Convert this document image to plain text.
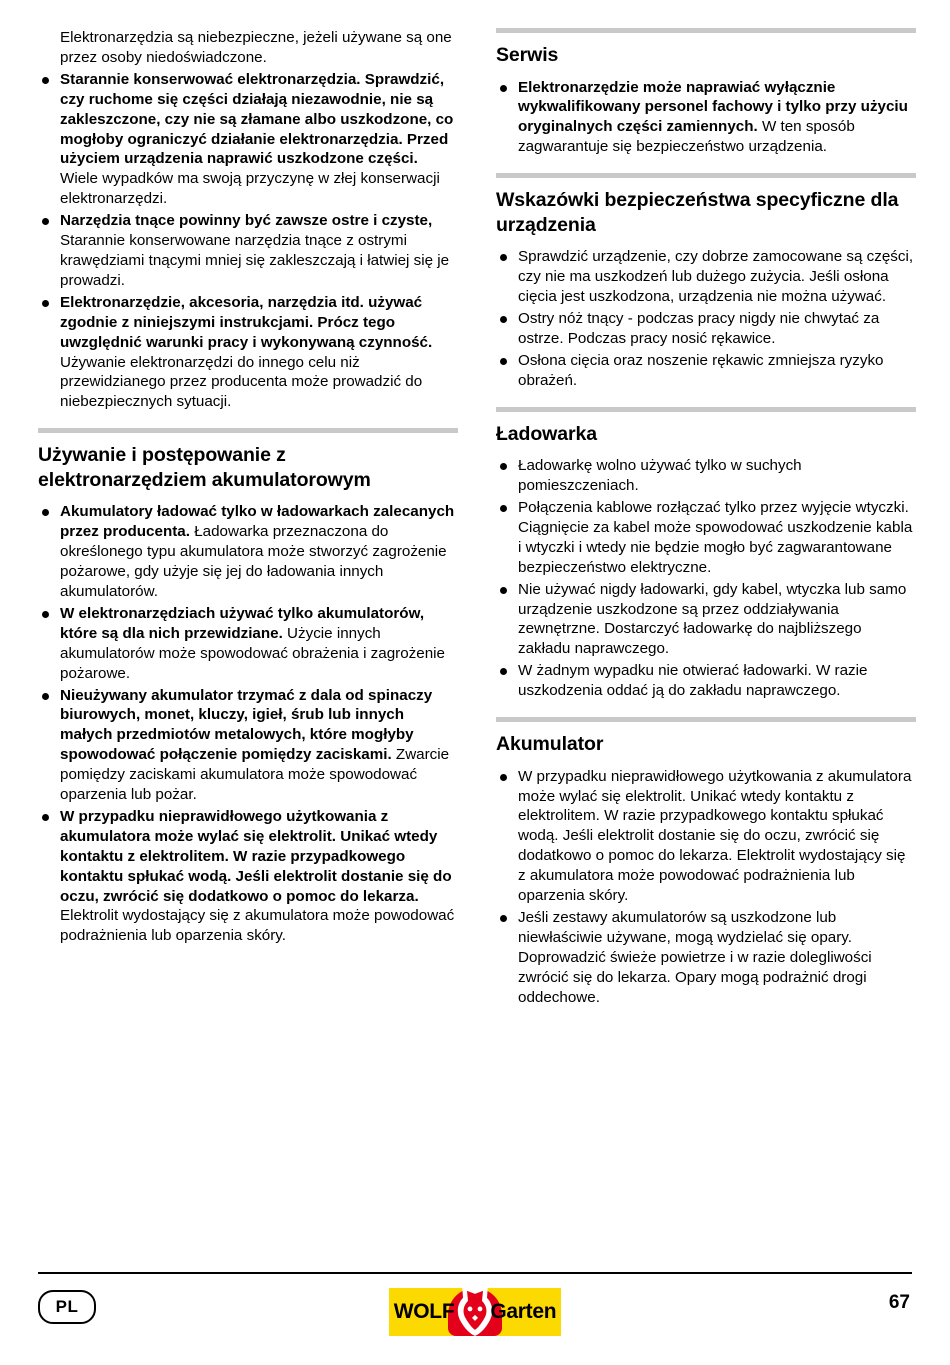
Elektronarzędzia są niebezpieczne, jeżeli używane są one przez osoby niedoświadczone.

Starannie konserwować elektronarzędzia. Sprawdzić, czy ruchome się części działają niezawodnie, nie są zakleszczone, czy nie są złamane albo uszkodzone, co mogłoby ograniczyć działanie elektronarzędzia. Przed użyciem urządzenia naprawić uszkodzone części. Wiele wypadków ma swoją przyczynę w złej konserwacji elektronarzędzi.
Narzędzia tnące powinny być zawsze ostre i czyste, Starannie konserwowane narzędzia tnące z ostrymi krawędziami tnącymi mniej się zakleszczają i łatwiej się je prowadzi.
Elektronarzędzie, akcesoria, narzędzia itd. używać zgodnie z niniejszymi instrukcjami. Prócz tego uwzględnić warunki pracy i wykonywaną czynność. Używanie elektronarzędzi do innego celu niż przewidzianego przez producenta może prowadzić do niebezpiecznych sytuacji.
Używanie i postępowanie z elektronarzędziem akumulatorowym
Akumulatory ładować tylko w ładowarkach zalecanych przez producenta. Ładowarka przeznaczona do określonego typu akumulatora może stworzyć zagrożenie pożarowe, gdy użyje się jej do ładowania innych akumulatorów.
W elektronarzędziach używać tylko akumulatorów, które są dla nich przewidziane. Użycie innych akumulatorów może spowodować obrażenia i zagrożenie pożarowe.
Nieużywany akumulator trzymać z dala od spinaczy biurowych, monet, kluczy, igieł, śrub lub innych małych przedmiotów metalowych, które mogłyby spowodować połączenie pomiędzy zaciskami. Zwarcie pomiędzy zaciskami akumulatora może spowodować oparzenia lub pożar.
W przypadku nieprawidłowego użytkowania z akumulatora może wylać się elektrolit. Unikać wtedy kontaktu z elektrolitem. W razie przypadkowego kontaktu spłukać wodą. Jeśli elektrolit dostanie się do oczu, zwrócić się dodatkowo o pomoc do lekarza. Elektrolit wydostający się z akumulatora może powodować podrażnienia lub oparzenia skóry.
Serwis
Elektronarzędzie może naprawiać wyłącznie wykwalifikowany personel fachowy i tylko przy użyciu oryginalnych części zamiennych. W ten sposób zagwarantuje się bezpieczeństwo urządzenia.
Wskazówki bezpieczeństwa specyficzne dla urządzenia
Sprawdzić urządzenie, czy dobrze zamocowane są części, czy nie ma uszkodzeń lub dużego zużycia. Jeśli osłona cięcia jest uszkodzona, urządzenia nie można używać.
Ostry nóż tnący - podczas pracy nigdy nie chwytać za ostrze. Podczas pracy nosić rękawice.
Osłona cięcia oraz noszenie rękawic zmniejsza ryzyko obrażeń.
Ładowarka
Ładowarkę wolno używać tylko w suchych pomieszczeniach.
Połączenia kablowe rozłączać tylko przez wyjęcie wtyczki. Ciągnięcie za kabel może spowodować uszkodzenie kabla i wtyczki i wtedy nie będzie mogło być zagwarantowane bezpieczeństwo elektryczne.
Nie używać nigdy ładowarki, gdy kabel, wtyczka lub samo urządzenie uszkodzone są przez oddziaływania zewnętrzne. Dostarczyć ładowarkę do najbliższego zakładu naprawczego.
W żadnym wypadku nie otwierać ładowarki. W razie uszkodzenia oddać ją do zakładu naprawczego.
Akumulator
W przypadku nieprawidłowego użytkowania z akumulatora może wylać się elektrolit. Unikać wtedy kontaktu z elektrolitem. W razie przypadkowego kontaktu spłukać wodą. Jeśli elektrolit dostanie się do oczu, zwrócić się dodatkowo o pomoc do lekarza. Elektrolit wydostający się z akumulatora może powodować podrażnienia lub oparzenia skóry.
Jeśli zestawy akumulatorów są uszkodzone lub niewłaściwie używane, mogą wydzielać się opary. Doprowadzić świeże powietrze i w razie dolegliwości zwrócić się do lekarza. Opary mogą podrażnić drogi oddechowe.
PL	WOLF	Garten	67
